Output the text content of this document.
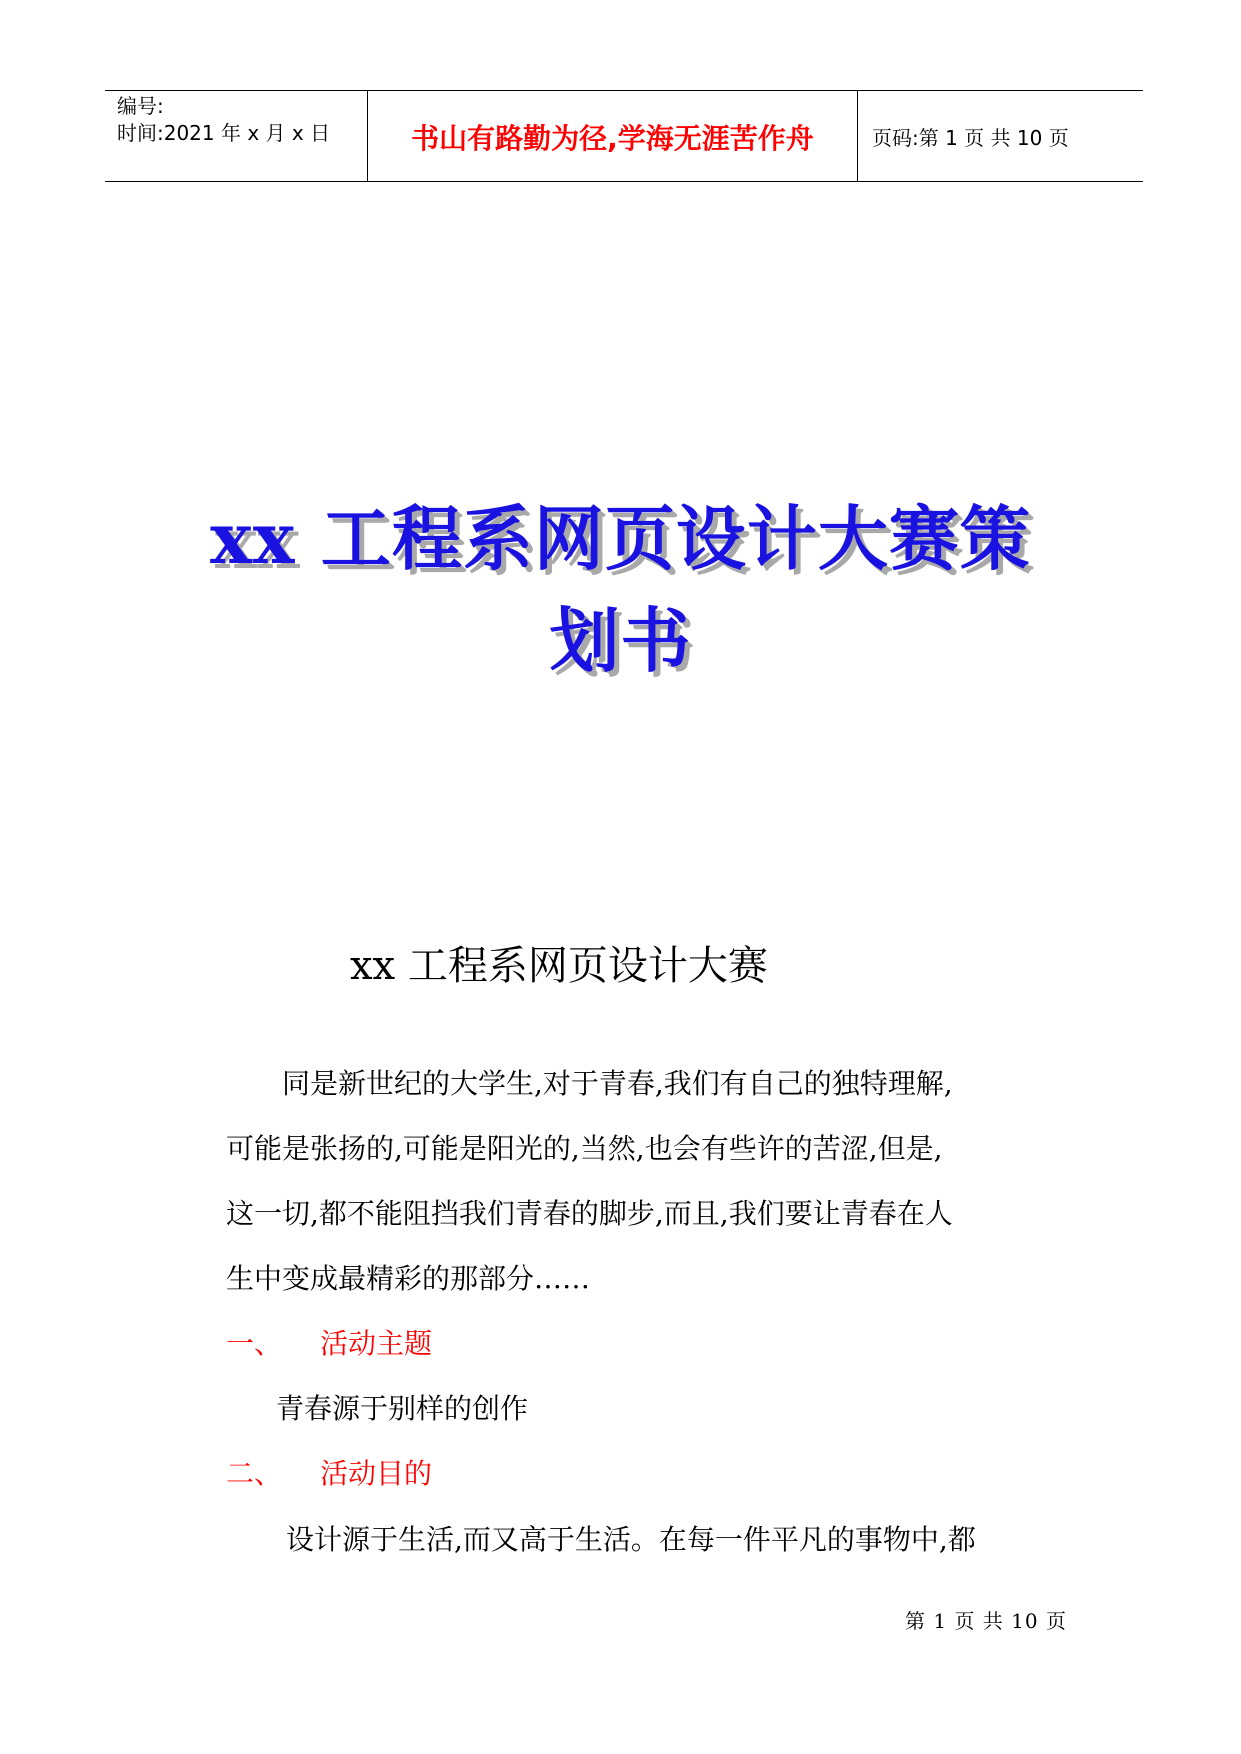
编号:
时间:2021 年 x 月 x 日	书山有路勤为径,学海无涯苦作舟	页码:第 1 页 共 10 页
xx 工程系网页设计大赛策
划书
xx 工程系网页设计大赛
同是新世纪的大学生,对于青春,我们有自己的独特理解,
可能是张扬的,可能是阳光的,当然,也会有些许的苦涩,但是,
这一切,都不能阻挡我们青春的脚步,而且,我们要让青春在人
生中变成最精彩的那部分……
一、 活动主题
青春源于别样的创作
二、 活动目的
设计源于生活,而又高于生活。在每一件平凡的事物中,都
第 1 页 共 10 页
